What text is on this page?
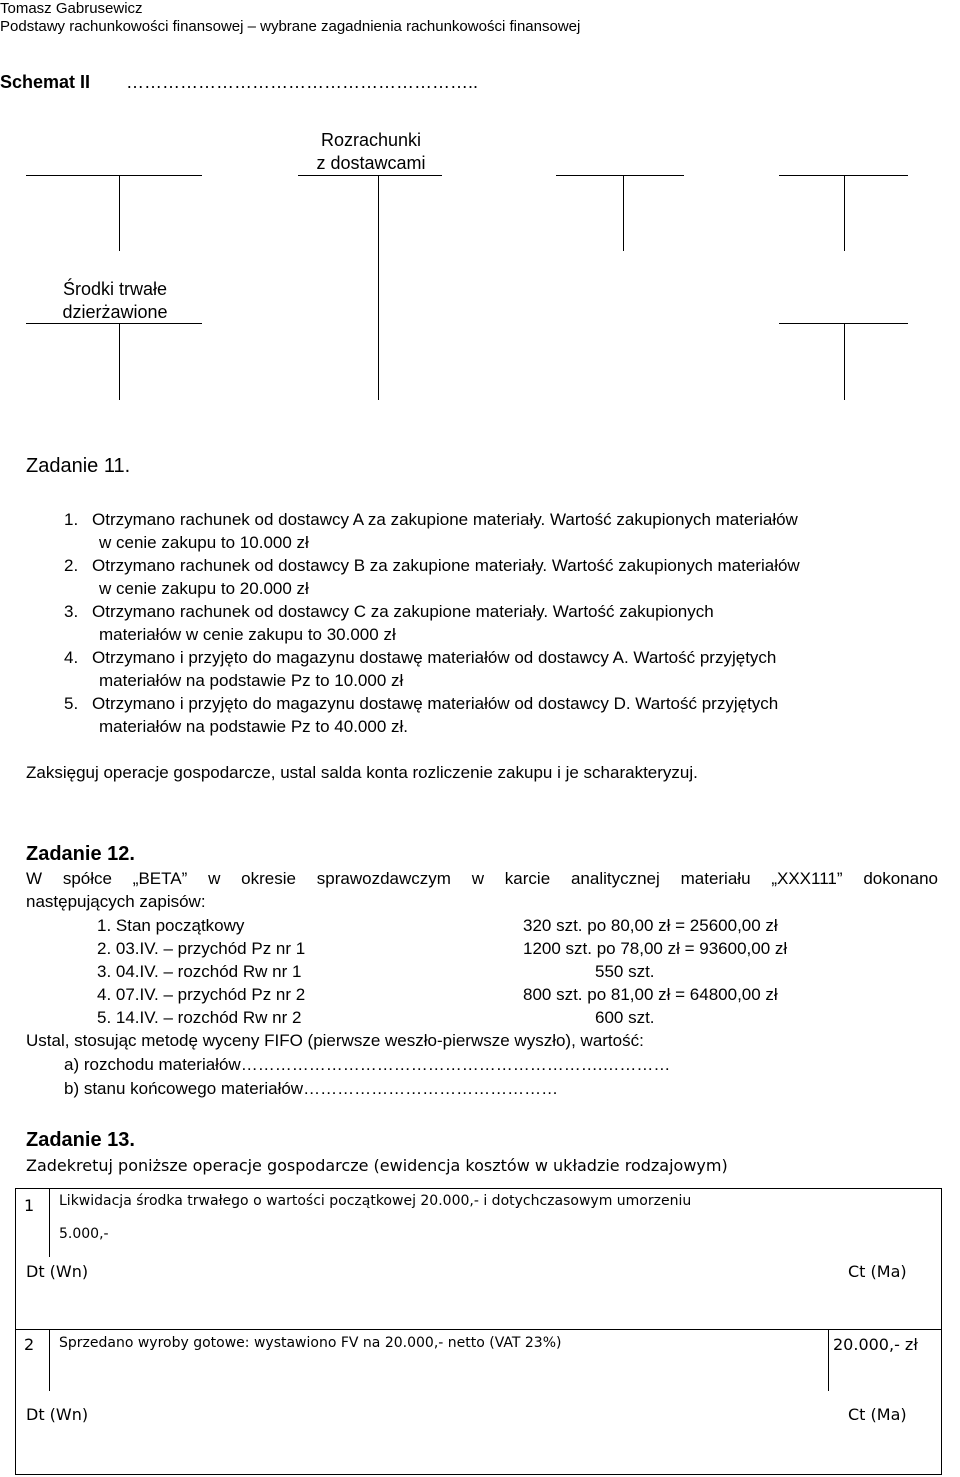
Tomasz Gabrusewicz
Podstawy rachunkowości finansowej – wybrane zagadnienia rachunkowości finansowej
Schemat II …………………………………………………..
Rozrachunki
z dostawcami
Środki trwałe
dzierżawione
Zadanie 11.
1. Otrzymano rachunek od dostawcy A za zakupione materiały. Wartość zakupionych materiałów
w cenie zakupu to 10.000 zł
2. Otrzymano rachunek od dostawcy B za zakupione materiały. Wartość zakupionych materiałów
w cenie zakupu to 20.000 zł
3. Otrzymano rachunek od dostawcy C za zakupione materiały. Wartość zakupionych
materiałów w cenie zakupu to 30.000 zł
4. Otrzymano i przyjęto do magazynu dostawę materiałów od dostawcy A. Wartość przyjętych
materiałów na podstawie Pz to 10.000 zł
5. Otrzymano i przyjęto do magazynu dostawę materiałów od dostawcy D. Wartość przyjętych
materiałów na podstawie Pz to 40.000 zł.
Zaksięguj operacje gospodarcze, ustal salda konta rozliczenie zakupu i je scharakteryzuj.
Zadanie 12.
W spółce „BETA” w okresie sprawozdawczym w karcie analitycznej materiału „XXX111” dokonano
następujących zapisów:
1. Stan początkowy	320 szt. po 80,00 zł = 25600,00 zł
2. 03.IV. – przychód Pz nr 1	1200 szt. po 78,00 zł = 93600,00 zł
3. 04.IV. – rozchód Rw nr 1	550 szt.
4. 07.IV. – przychód Pz nr 2	800 szt. po 81,00 zł = 64800,00 zł
5. 14.IV. – rozchód Rw nr 2	600 szt.
Ustal, stosując metodę wyceny FIFO (pierwsze weszło-pierwsze wyszło), wartość:
a) rozchodu materiałów……………………………………………………….…………
b) stanu końcowego materiałów………………………………………
Zadanie 13.
Zadekretuj poniższe operacje gospodarcze (ewidencja kosztów w układzie rodzajowym)
1 Likwidacja środka trwałego o wartości początkowej 20.000,- i dotychczasowym umorzeniu
5.000,-
Dt (Wn)	Ct (Ma)
2 Sprzedano wyroby gotowe: wystawiono FV na 20.000,- netto (VAT 23%)	20.000,- zł
Dt (Wn)	Ct (Ma)
